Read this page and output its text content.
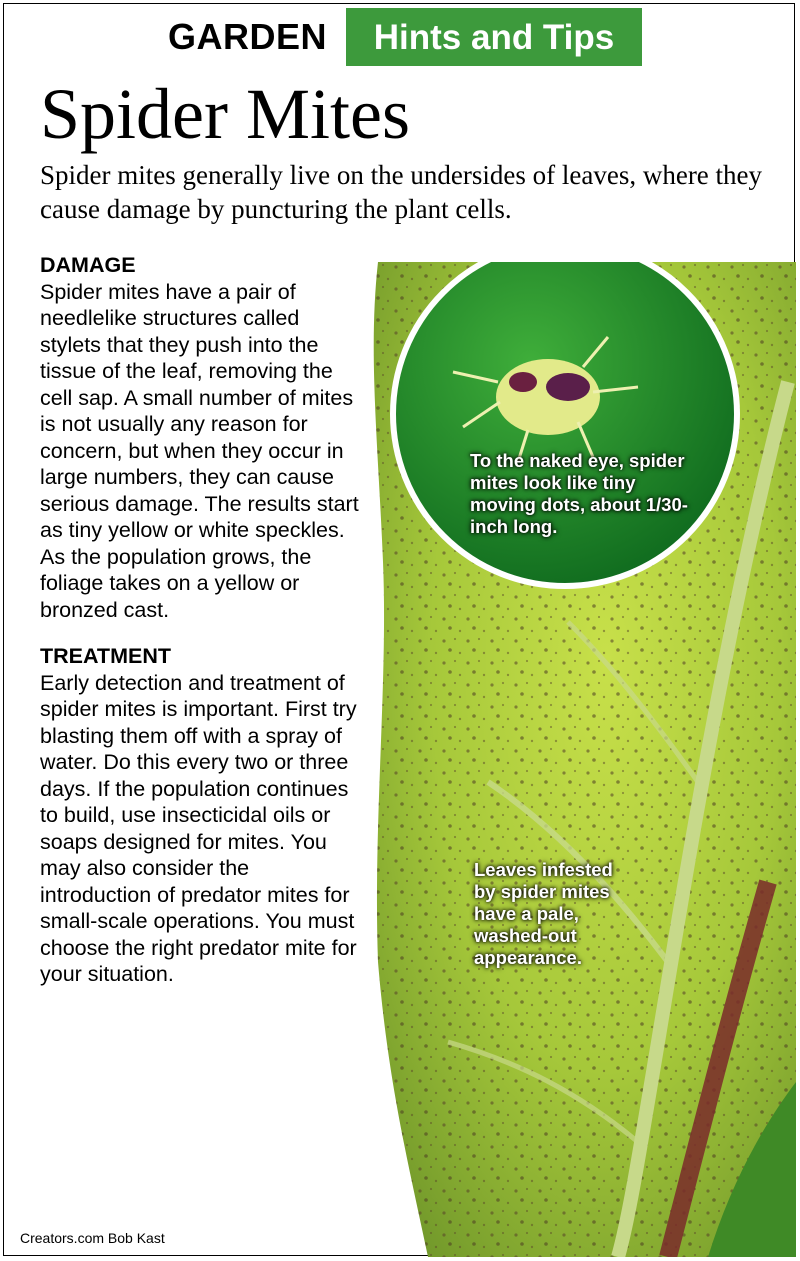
GARDEN	Hints and Tips
Spider Mites
Spider mites generally live on the undersides of leaves, where they cause damage by puncturing the plant cells.
DAMAGE

Spider mites have a pair of needlelike structures called stylets that they push into the tissue of the leaf, removing the cell sap. A small number of mites is not usually any reason for concern, but when they occur in large numbers, they can cause serious damage. The results start as tiny yellow or white speckles. As the population grows, the foliage takes on a yellow or bronzed cast.

TREATMENT

Early detection and treatment of spider mites is important. First try blasting them off with a spray of water. Do this every two or three days. If the population continues to build, use insecticidal oils or soaps designed for mites. You may also consider the introduction of predator mites for small-scale operations. You must choose the right predator mite for your situation.

To the naked eye, spider mites look like tiny moving dots, about 1/30-inch long.
Leaves infested by spider mites have a pale, washed-out appearance.
Creators.com Bob Kast
